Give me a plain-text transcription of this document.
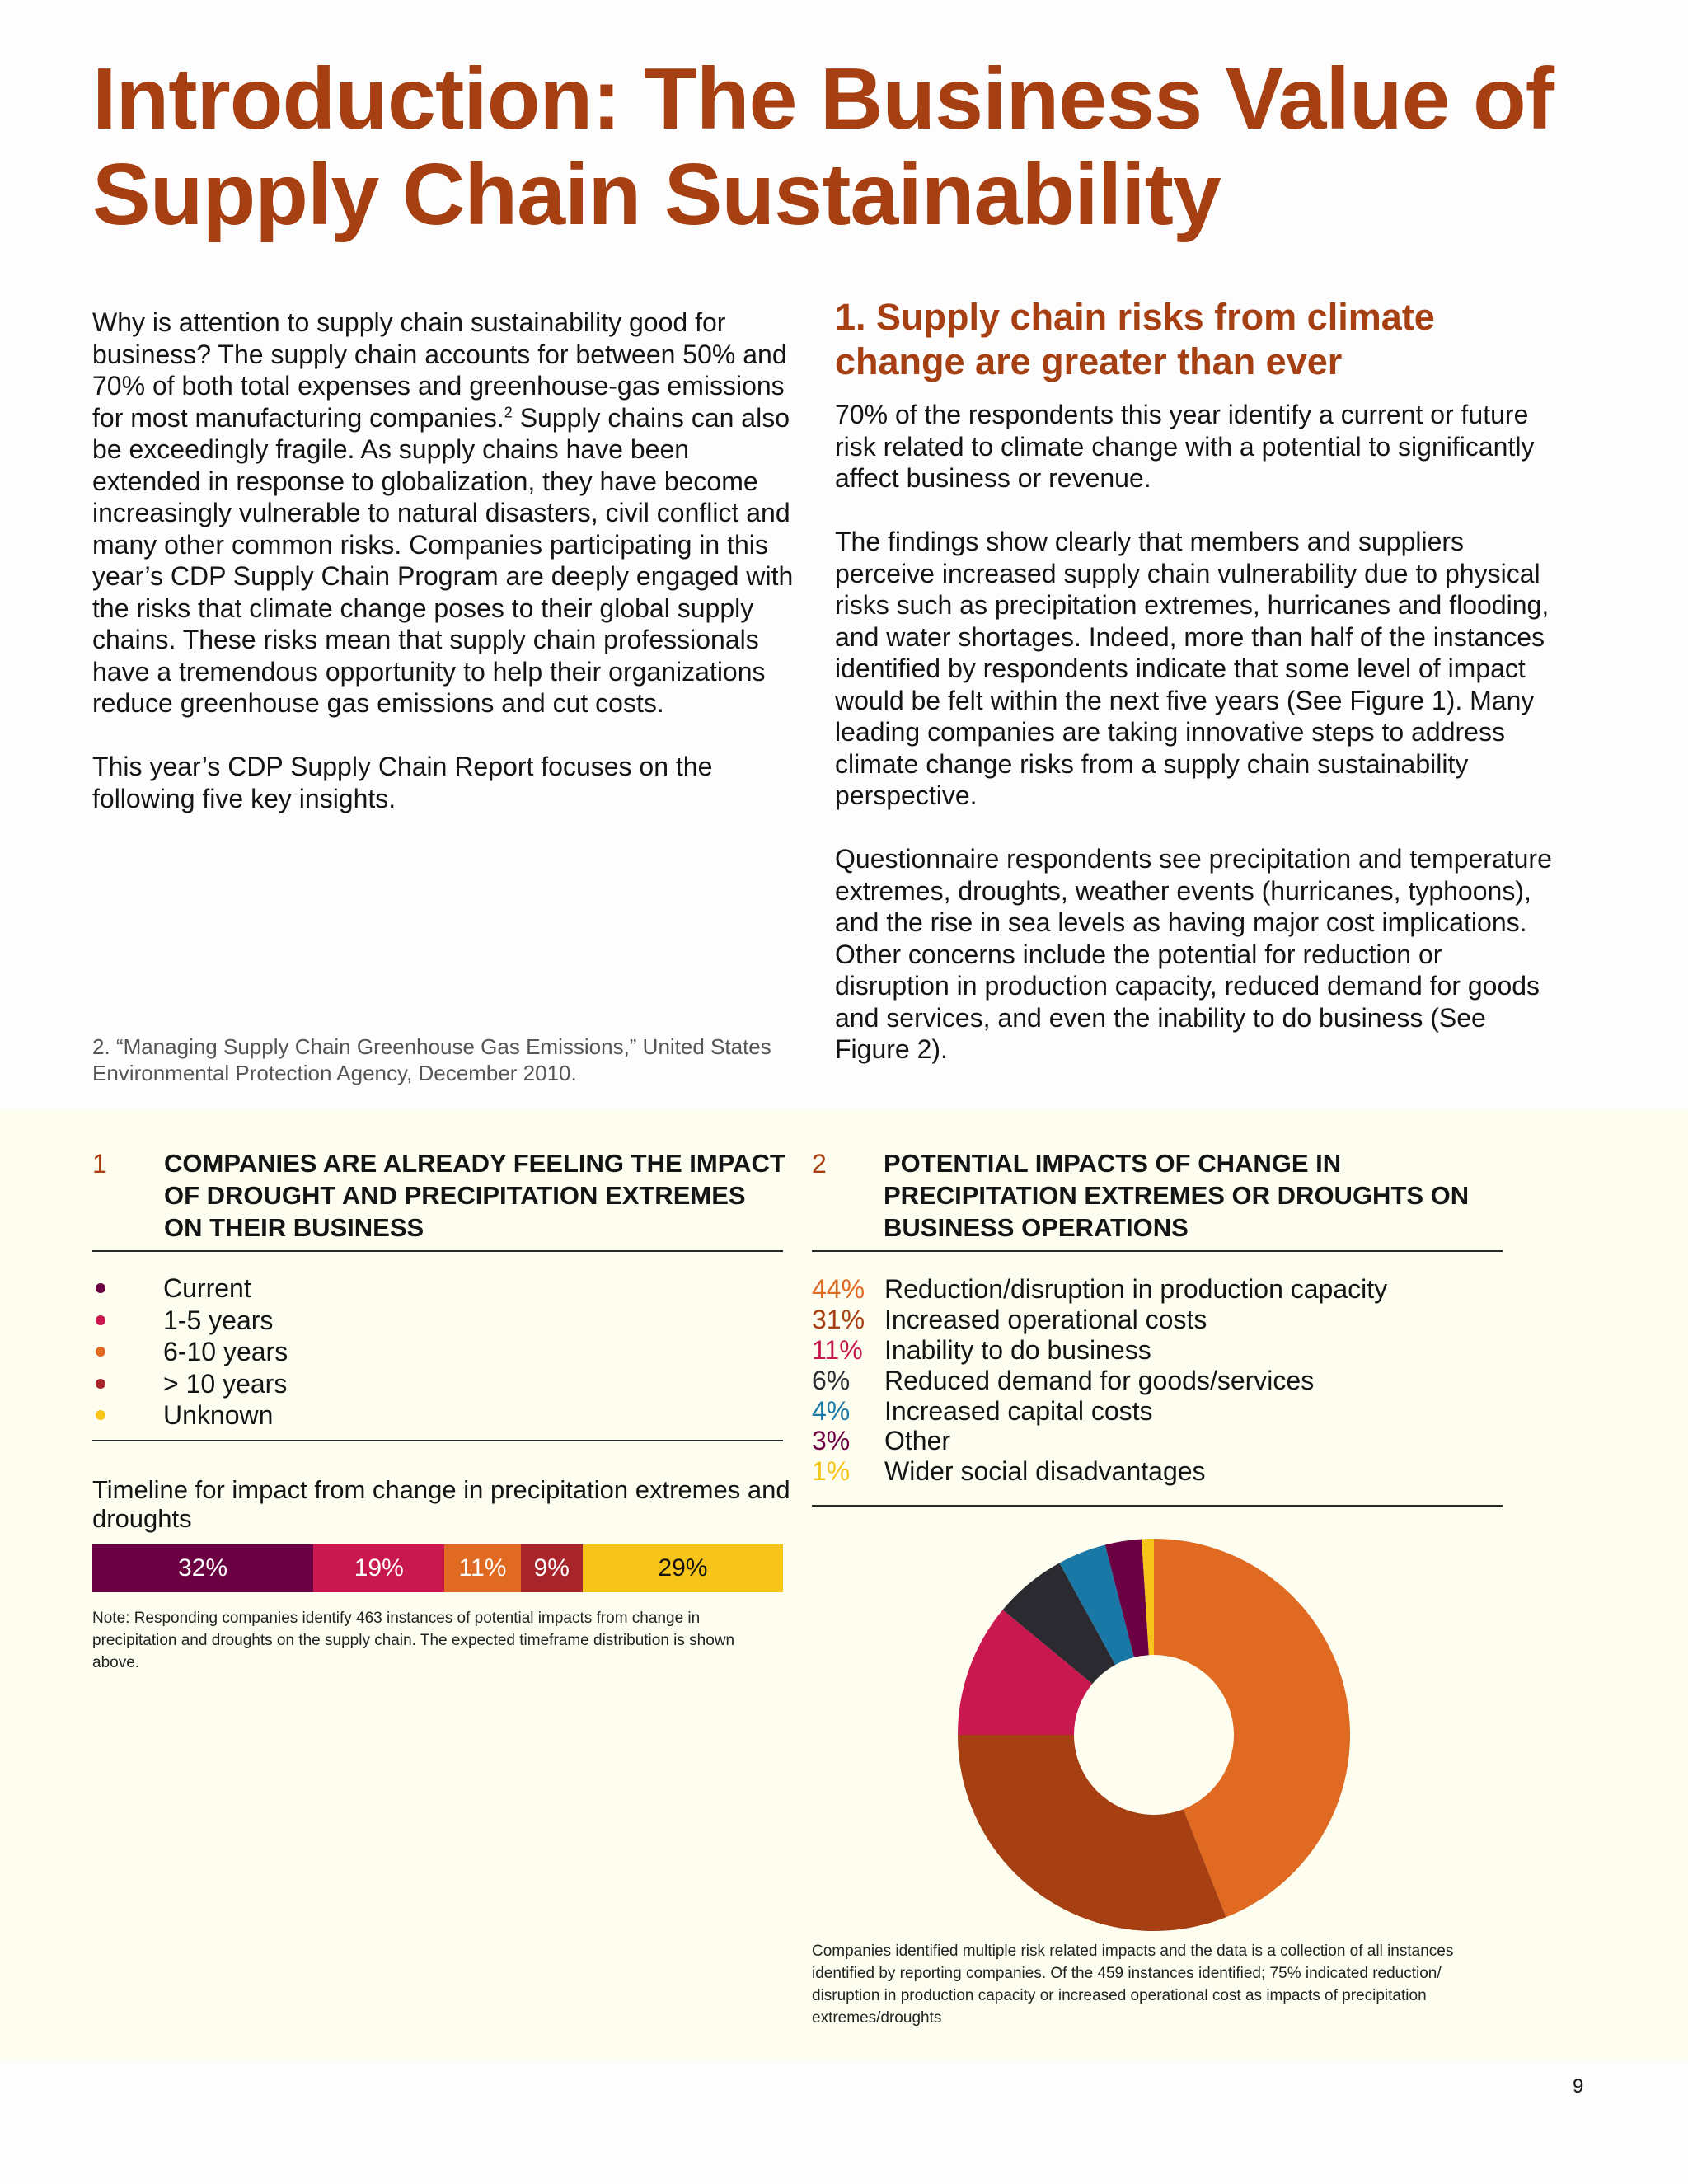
Introduction: The Business Value of Supply Chain Sustainability

Why is attention to supply chain sustainability good for business? The supply chain accounts for between 50% and 70% of both total expenses and greenhouse-gas emissions for most manufacturing companies.$^2$ Supply chains can also be exceedingly fragile. As supply chains have been extended in response to globalization, they have become increasingly vulnerable to natural disasters, civil conflict and many other common risks. Companies participating in this year’s CDP Supply Chain Program are deeply engaged with the risks that climate change poses to their global supply chains. These risks mean that supply chain professionals have a tremendous opportunity to help their organizations reduce greenhouse gas emissions and cut costs.

This year’s CDP Supply Chain Report focuses on the following five key insights.

2. “Managing Supply Chain Greenhouse Gas Emissions,” United States Environmental Protection Agency, December 2010.
1. Supply chain risks from climate change are greater than ever

70% of the respondents this year identify a current or future risk related to climate change with a potential to significantly affect business or revenue.

The findings show clearly that members and suppliers perceive increased supply chain vulnerability due to physical risks such as precipitation extremes, hurricanes and flooding, and water shortages. Indeed, more than half of the instances identified by respondents indicate that some level of impact would be felt within the next five years (See Figure 1). Many leading companies are taking innovative steps to address climate change risks from a supply chain sustainability perspective.

Questionnaire respondents see precipitation and temperature extremes, droughts, weather events (hurricanes, typhoons), and the rise in sea levels as having major cost implications. Other concerns include the potential for reduction or disruption in production capacity, reduced demand for goods and services, and even the inability to do business (See Figure 2).

1 COMPANIES ARE ALREADY FEELING THE IMPACT OF DROUGHT AND PRECIPITATION EXTREMES ON THEIR BUSINESS
Current
1-5 years
6-10 years
> 10 years
Unknown
Timeline for impact from change in precipitation extremes and droughts
32%	19%	11%	9%	29%
Note: Responding companies identify 463 instances of potential impacts from change in precipitation and droughts on the supply chain. The expected timeframe distribution is shown above.
2 POTENTIAL IMPACTS OF CHANGE IN PRECIPITATION EXTREMES OR DROUGHTS ON BUSINESS OPERATIONS
44% Reduction/disruption in production capacity
31% Increased operational costs
11% Inability to do business
6% Reduced demand for goods/services
4% Increased capital costs
3% Other
1% Wider social disadvantages
Companies identified multiple risk related impacts and the data is a collection of all instances identified by reporting companies. Of the 459 instances identified; 75% indicated reduction/ disruption in production capacity or increased operational cost as impacts of precipitation extremes/droughts
9
